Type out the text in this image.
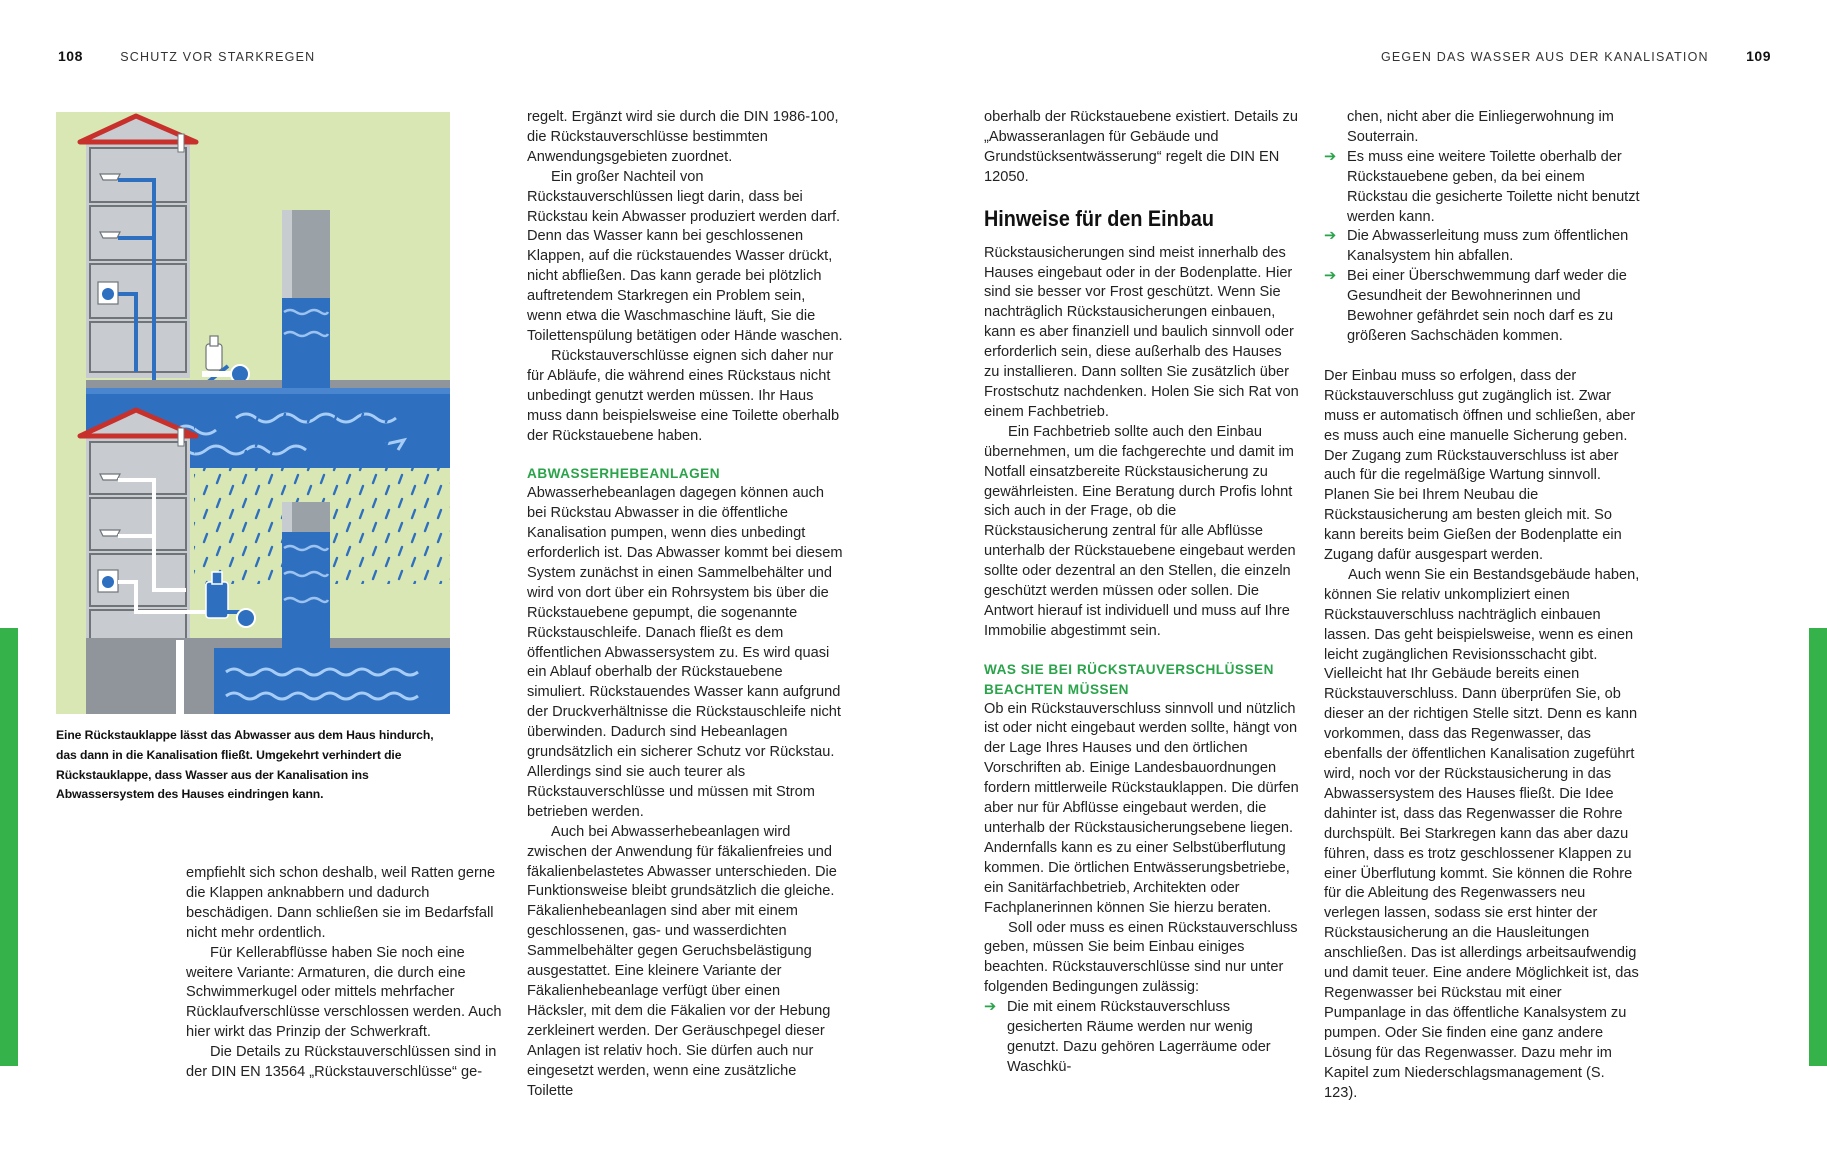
108	SCHUTZ VOR STARKREGEN	GEGEN DAS WASSER AUS DER KANALISATION	109
Eine Rückstauklappe lässt das Abwasser aus dem Haus hindurch, das dann in die Kanalisation fließt. Umgekehrt verhindert die Rückstauklappe, dass Wasser aus der Kanalisation ins Abwassersystem des Hauses eindringen kann.

empfiehlt sich schon deshalb, weil Ratten gerne die Klappen anknabbern und dadurch beschädigen. Dann schließen sie im Bedarfsfall nicht mehr ordentlich.

Für Kellerabflüsse haben Sie noch eine weitere Variante: Armaturen, die durch eine Schwimmerkugel oder mittels mehrfacher Rücklaufverschlüsse verschlossen werden. Auch hier wirkt das Prinzip der Schwerkraft.

Die Details zu Rückstauverschlüssen sind in der DIN EN 13564 „Rückstauverschlüsse“ ge-

regelt. Ergänzt wird sie durch die DIN 1986-100, die Rückstauverschlüsse bestimmten Anwendungsgebieten zuordnet.

Ein großer Nachteil von Rückstauverschlüssen liegt darin, dass bei Rückstau kein Abwasser produziert werden darf. Denn das Wasser kann bei geschlossenen Klappen, auf die rückstauendes Wasser drückt, nicht abfließen. Das kann gerade bei plötzlich auftretendem Starkregen ein Problem sein, wenn etwa die Waschmaschine läuft, Sie die Toilettenspülung betätigen oder Hände waschen.

Rückstauverschlüsse eignen sich daher nur für Abläufe, die während eines Rückstaus nicht unbedingt genutzt werden müssen. Ihr Haus muss dann beispielsweise eine Toilette oberhalb der Rückstauebene haben.

ABWASSERHEBEANLAGEN

Abwasserhebeanlagen dagegen können auch bei Rückstau Abwasser in die öffentliche Kanalisation pumpen, wenn dies unbedingt erforderlich ist. Das Abwasser kommt bei diesem System zunächst in einen Sammelbehälter und wird von dort über ein Rohrsystem bis über die Rückstauebene gepumpt, die sogenannte Rückstauschleife. Danach fließt es dem öffentlichen Abwassersystem zu. Es wird quasi ein Ablauf oberhalb der Rückstauebene simuliert. Rückstauendes Wasser kann aufgrund der Druckverhältnisse die Rückstauschleife nicht überwinden. Dadurch sind Hebeanlagen grundsätzlich ein sicherer Schutz vor Rückstau. Allerdings sind sie auch teurer als Rückstauverschlüsse und müssen mit Strom betrieben werden.

Auch bei Abwasserhebeanlagen wird zwischen der Anwendung für fäkalienfreies und fäkalienbelastetes Abwasser unterschieden. Die Funktionsweise bleibt grundsätzlich die gleiche. Fäkalienhebeanlagen sind aber mit einem geschlossenen, gas- und wasserdichten Sammelbehälter gegen Geruchsbelästigung ausgestattet. Eine kleinere Variante der Fäkalienhebeanlage verfügt über einen Häcksler, mit dem die Fäkalien vor der Hebung zerkleinert werden. Der Geräuschpegel dieser Anlagen ist relativ hoch. Sie dürfen auch nur eingesetzt werden, wenn eine zusätzliche Toilette

oberhalb der Rückstauebene existiert. Details zu „Abwasseranlagen für Gebäude und Grundstücksentwässerung“ regelt die DIN EN 12050.

Hinweise für den Einbau

Rückstausicherungen sind meist innerhalb des Hauses eingebaut oder in der Bodenplatte. Hier sind sie besser vor Frost geschützt. Wenn Sie nachträglich Rückstausicherungen einbauen, kann es aber finanziell und baulich sinnvoll oder erforderlich sein, diese außerhalb des Hauses zu installieren. Dann sollten Sie zusätzlich über Frostschutz nachdenken. Holen Sie sich Rat von einem Fachbetrieb.

Ein Fachbetrieb sollte auch den Einbau übernehmen, um die fachgerechte und damit im Notfall einsatzbereite Rückstausicherung zu gewährleisten. Eine Beratung durch Profis lohnt sich auch in der Frage, ob die Rückstausicherung zentral für alle Abflüsse unterhalb der Rückstauebene eingebaut werden sollte oder dezentral an den Stellen, die einzeln geschützt werden müssen oder sollen. Die Antwort hierauf ist individuell und muss auf Ihre Immobilie abgestimmt sein.

WAS SIE BEI RÜCKSTAUVERSCHLÜSSEN
BEACHTEN MÜSSEN

Ob ein Rückstauverschluss sinnvoll und nützlich ist oder nicht eingebaut werden sollte, hängt von der Lage Ihres Hauses und den örtlichen Vorschriften ab. Einige Landesbauordnungen fordern mittlerweile Rückstauklappen. Die dürfen aber nur für Abflüsse eingebaut werden, die unterhalb der Rückstausicherungsebene liegen. Andernfalls kann es zu einer Selbstüberflutung kommen. Die örtlichen Entwässerungsbetriebe, ein Sanitärfachbetrieb, Architekten oder Fachplanerinnen können Sie hierzu beraten.

Soll oder muss es einen Rückstauverschluss geben, müssen Sie beim Einbau einiges beachten. Rückstauverschlüsse sind nur unter folgenden Bedingungen zulässig:

➔ Die mit einem Rückstauverschluss gesicherten Räume werden nur wenig genutzt. Dazu gehören Lagerräume oder Waschkü-

chen, nicht aber die Einliegerwohnung im Souterrain.

➔ Es muss eine weitere Toilette oberhalb der Rückstauebene geben, da bei einem Rückstau die gesicherte Toilette nicht benutzt werden kann.
➔ Die Abwasserleitung muss zum öffentlichen Kanalsystem hin abfallen.
➔ Bei einer Überschwemmung darf weder die Gesundheit der Bewohnerinnen und Bewohner gefährdet sein noch darf es zu größeren Sachschäden kommen.

Der Einbau muss so erfolgen, dass der Rückstauverschluss gut zugänglich ist. Zwar muss er automatisch öffnen und schließen, aber es muss auch eine manuelle Sicherung geben. Der Zugang zum Rückstauverschluss ist aber auch für die regelmäßige Wartung sinnvoll. Planen Sie bei Ihrem Neubau die Rückstausicherung am besten gleich mit. So kann bereits beim Gießen der Bodenplatte ein Zugang dafür ausgespart werden.

Auch wenn Sie ein Bestandsgebäude haben, können Sie relativ unkompliziert einen Rückstauverschluss nachträglich einbauen lassen. Das geht beispielsweise, wenn es einen leicht zugänglichen Revisionsschacht gibt. Vielleicht hat Ihr Gebäude bereits einen Rückstauverschluss. Dann überprüfen Sie, ob dieser an der richtigen Stelle sitzt. Denn es kann vorkommen, dass das Regenwasser, das ebenfalls der öffentlichen Kanalisation zugeführt wird, noch vor der Rückstausicherung in das Abwassersystem des Hauses fließt. Die Idee dahinter ist, dass das Regenwasser die Rohre durchspült. Bei Starkregen kann das aber dazu führen, dass es trotz geschlossener Klappen zu einer Überflutung kommt. Sie können die Rohre für die Ableitung des Regenwassers neu verlegen lassen, sodass sie erst hinter der Rückstausicherung an die Hausleitungen anschließen. Das ist allerdings arbeitsaufwendig und damit teuer. Eine andere Möglichkeit ist, das Regenwasser bei Rückstau mit einer Pumpanlage in das öffentliche Kanalsystem zu pumpen. Oder Sie finden eine ganz andere Lösung für das Regenwasser. Dazu mehr im Kapitel zum Niederschlagsmanagement (S. 123).
